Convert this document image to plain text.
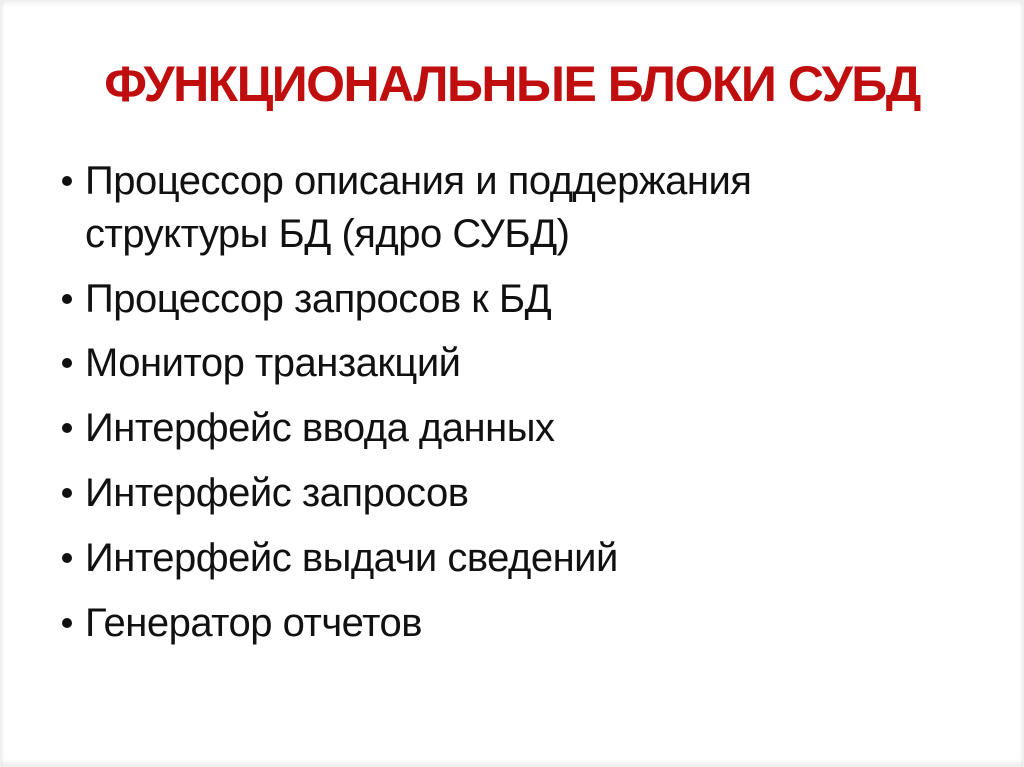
ФУНКЦИОНАЛЬНЫЕ БЛОКИ СУБД
Процессор описания и поддержания структуры БД (ядро СУБД)
Процессор запросов к БД
Монитор транзакций
Интерфейс ввода данных
Интерфейс запросов
Интерфейс выдачи сведений
Генератор отчетов
